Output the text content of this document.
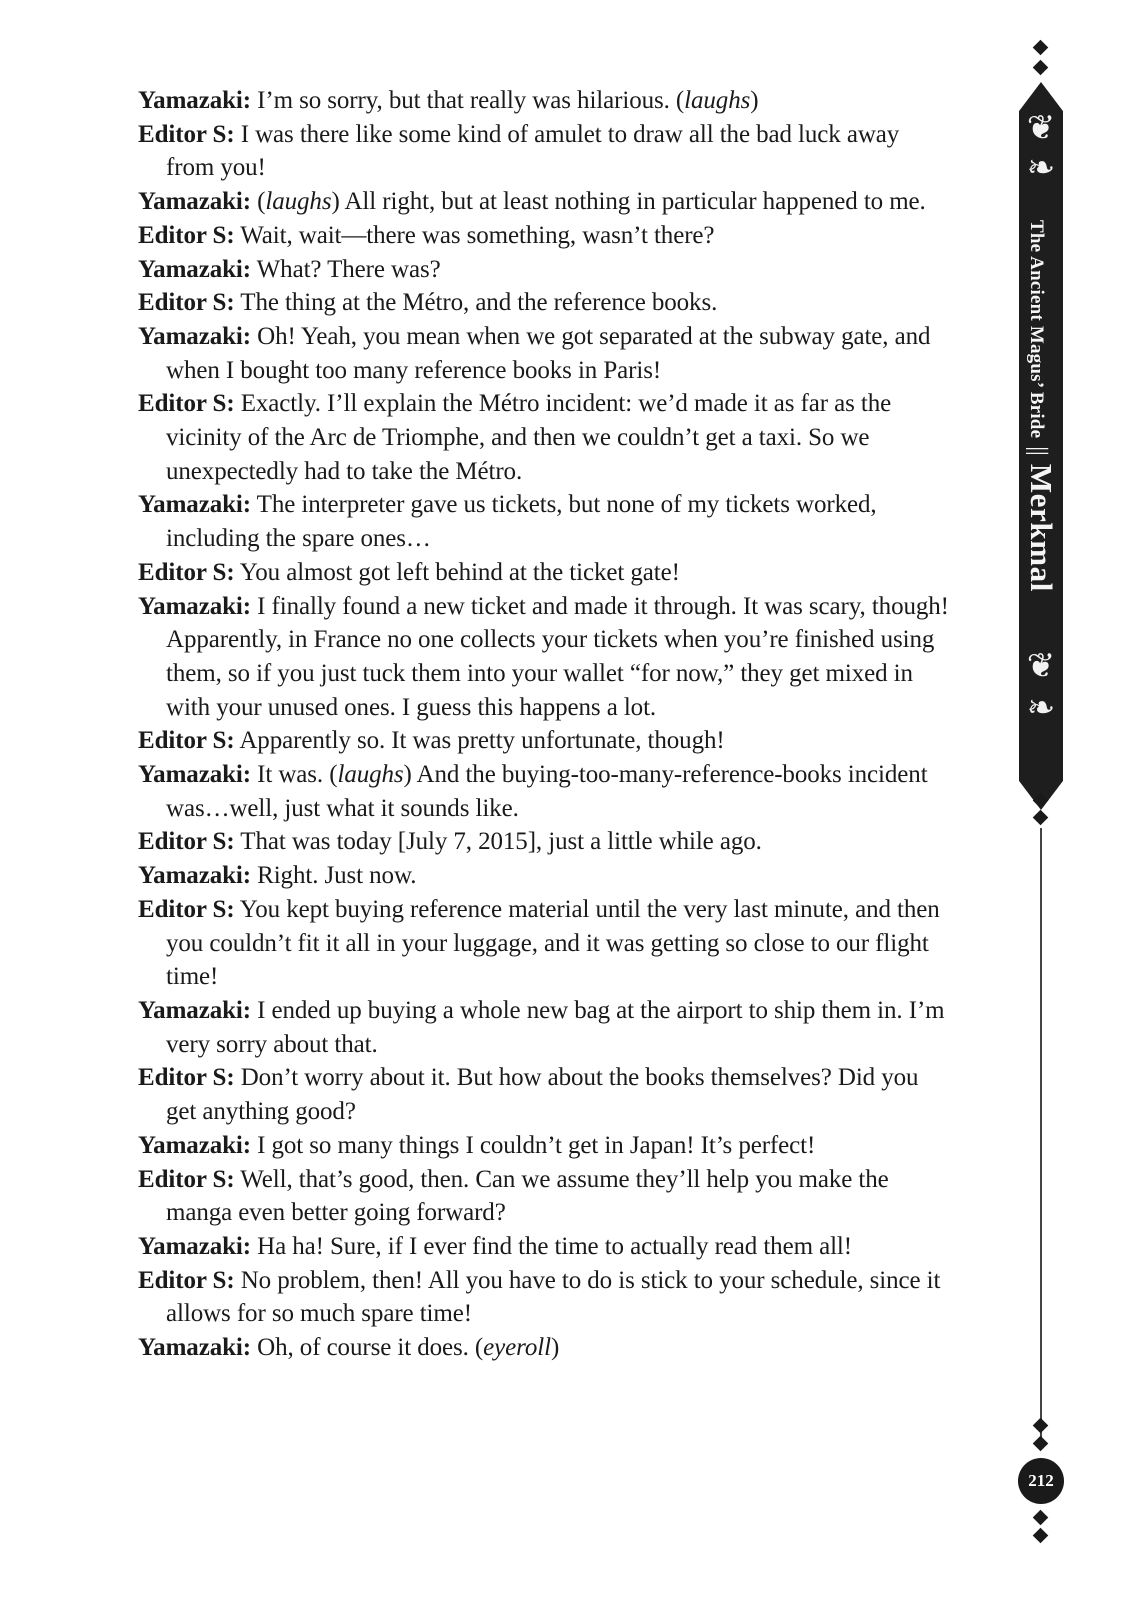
Yamazaki: I’m so sorry, but that really was hilarious. (laughs)
Editor S: I was there like some kind of amulet to draw all the bad luck away from you!
Yamazaki: (laughs) All right, but at least nothing in particular happened to me.
Editor S: Wait, wait—there was something, wasn’t there?
Yamazaki: What? There was?
Editor S: The thing at the Métro, and the reference books.
Yamazaki: Oh! Yeah, you mean when we got separated at the subway gate, and when I bought too many reference books in Paris!
Editor S: Exactly. I’ll explain the Métro incident: we’d made it as far as the vicinity of the Arc de Triomphe, and then we couldn’t get a taxi. So we unexpectedly had to take the Métro.
Yamazaki: The interpreter gave us tickets, but none of my tickets worked, including the spare ones…
Editor S: You almost got left behind at the ticket gate!
Yamazaki: I finally found a new ticket and made it through. It was scary, though! Apparently, in France no one collects your tickets when you’re finished using them, so if you just tuck them into your wallet “for now,” they get mixed in with your unused ones. I guess this happens a lot.
Editor S: Apparently so. It was pretty unfortunate, though!
Yamazaki: It was. (laughs) And the buying-too-many-reference-books incident was…well, just what it sounds like.
Editor S: That was today [July 7, 2015], just a little while ago.
Yamazaki: Right. Just now.
Editor S: You kept buying reference material until the very last minute, and then you couldn’t fit it all in your luggage, and it was getting so close to our flight time!
Yamazaki: I ended up buying a whole new bag at the airport to ship them in. I’m very sorry about that.
Editor S: Don’t worry about it. But how about the books themselves? Did you get anything good?
Yamazaki: I got so many things I couldn’t get in Japan! It’s perfect!
Editor S: Well, that’s good, then. Can we assume they’ll help you make the manga even better going forward?
Yamazaki: Ha ha! Sure, if I ever find the time to actually read them all!
Editor S: No problem, then! All you have to do is stick to your schedule, since it allows for so much spare time!
Yamazaki: Oh, of course it does. (eyeroll)
❦
❧
❦
❧
The Ancient Magus’ Bride||Merkmal
212
